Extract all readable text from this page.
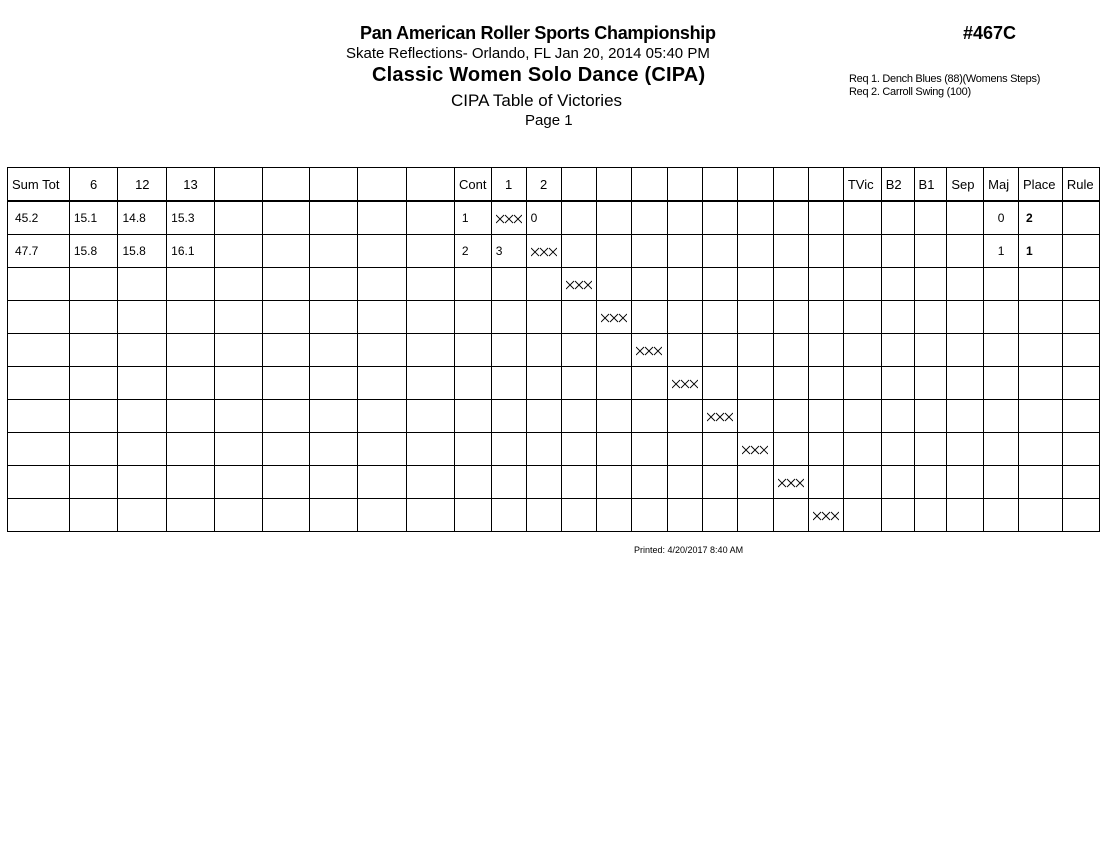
Pan American Roller Sports Championship
Skate Reflections- Orlando, FL Jan 20, 2014 05:40 PM
Classic Women Solo Dance (CIPA)
CIPA Table of Victories
Page 1
#467C
Req 1. Dench Blues (88)(Womens Steps)
Req 2. Carroll Swing (100)
Sum Tot	6	12	13						Cont	1	2									TVic	B2	B1	Sep	Maj	Place	Rule
45.2	15.1	14.8	15.3						1		0													0	2	
47.7	15.8	15.8	16.1						2	3														1	1	

Printed: 4/20/2017 8:40 AM
